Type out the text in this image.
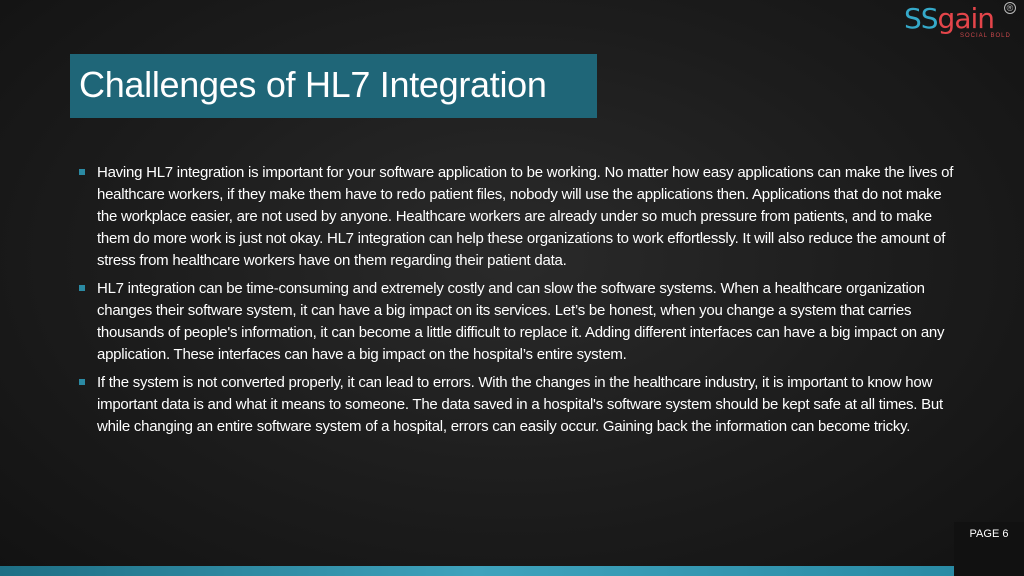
SSgain ®
SOCIAL BOLD
Challenges of HL7 Integration
Having HL7 integration is important for your software application to be working. No matter how easy applications can make the lives of healthcare workers, if they make them have to redo patient files, nobody will use the applications then. Applications that do not make the workplace easier, are not used by anyone. Healthcare workers are already under so much pressure from patients, and to make them do more work is just not okay. HL7 integration can help these organizations to work effortlessly. It will also reduce the amount of stress from healthcare workers have on them regarding their patient data.
HL7 integration can be time-consuming and extremely costly and can slow the software systems. When a healthcare organization changes their software system, it can have a big impact on its services. Let’s be honest, when you change a system that carries thousands of people's information, it can become a little difficult to replace it. Adding different interfaces can have a big impact on any application. These interfaces can have a big impact on the hospital’s entire system.
If the system is not converted properly, it can lead to errors. With the changes in the healthcare industry, it is important to know how important data is and what it means to someone. The data saved in a hospital's software system should be kept safe at all times. But while changing an entire software system of a hospital, errors can easily occur. Gaining back the information can become tricky.
PAGE 6
